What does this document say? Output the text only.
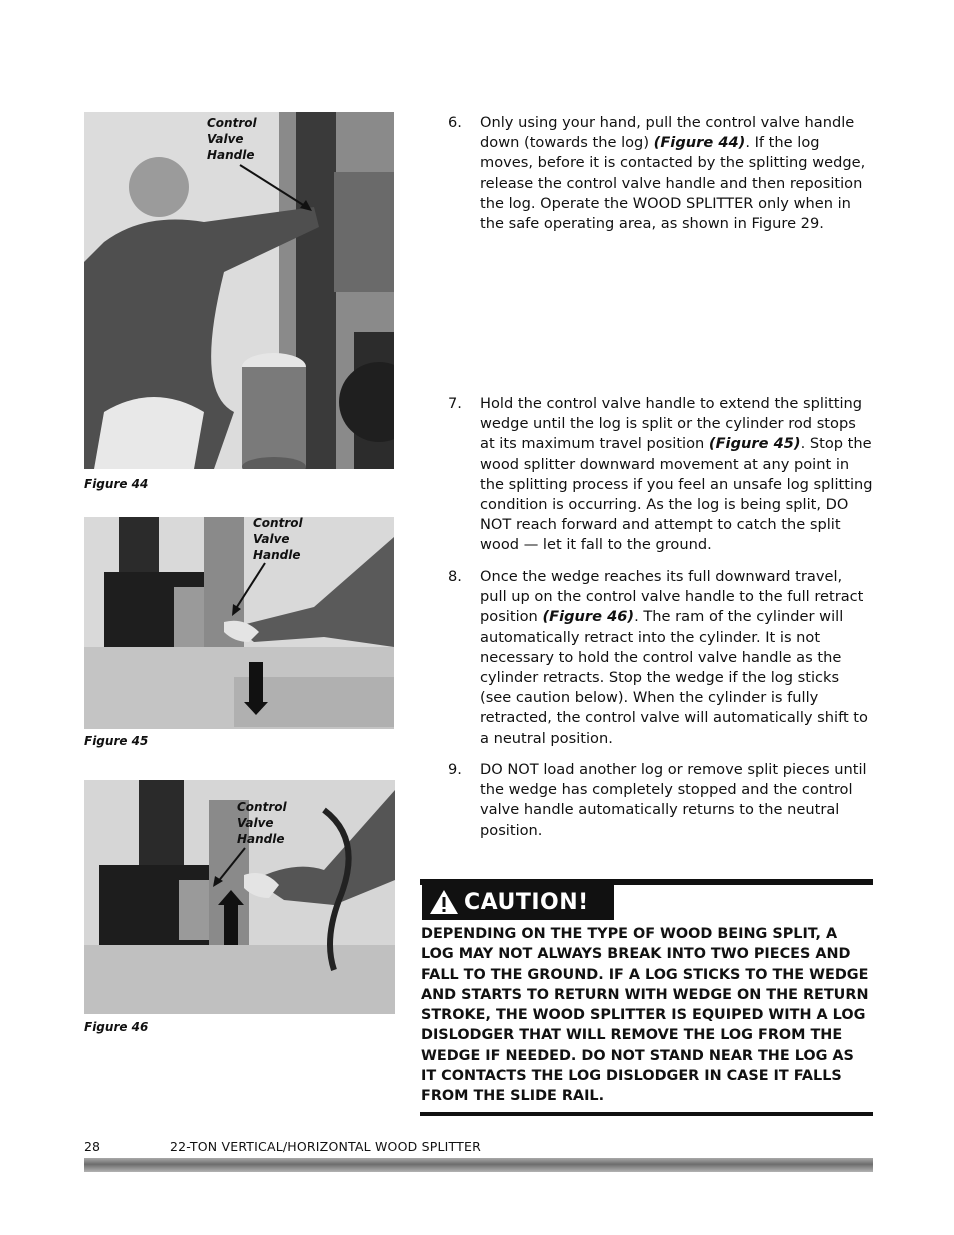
Control
Valve
Handle
Figure 44
Control
Valve
Handle
Figure 45
Control
Valve
Handle
Figure 46
6.	Only using your hand, pull the control valve handle down (towards the log) (Figure 44). If the log moves, before it is contacted by the splitting wedge, release the control valve handle and then reposition the log. Operate the WOOD SPLITTER only when in the safe operating area, as shown in Figure 29.
7.	Hold the control valve handle to extend the splitting wedge until the log is split or the cylinder rod stops at its maximum travel position (Figure 45). Stop the wood splitter downward movement at any point in the splitting process if you feel an unsafe log splitting condition is occurring. As the log is being split, DO NOT reach forward and attempt to catch the split wood — let it fall to the ground.
8.	Once the wedge reaches its full downward travel, pull up on the control valve handle to the full retract position (Figure 46). The ram of the cylinder will automatically retract into the cylinder. It is not necessary to hold the control valve handle as the cylinder retracts. Stop the wedge if the log sticks (see caution below). When the cylinder is fully retracted, the control valve will automatically shift to a neutral position.
9.	DO NOT load another log or remove split pieces until the wedge has completely stopped and the control valve handle automatically returns to the neutral position.
CAUTION!
DEPENDING ON THE TYPE OF WOOD BEING SPLIT, A LOG MAY NOT ALWAYS BREAK INTO TWO PIECES AND FALL TO THE GROUND. IF A LOG STICKS TO THE WEDGE AND STARTS TO RETURN WITH WEDGE ON THE RETURN STROKE, THE WOOD SPLITTER IS EQUIPED WITH A LOG DISLODGER THAT WILL REMOVE THE LOG FROM THE WEDGE IF NEEDED. DO NOT STAND NEAR THE LOG AS IT CONTACTS THE LOG DISLODGER IN CASE IT FALLS FROM THE SLIDE RAIL.
28	22-TON VERTICAL/HORIZONTAL WOOD SPLITTER
